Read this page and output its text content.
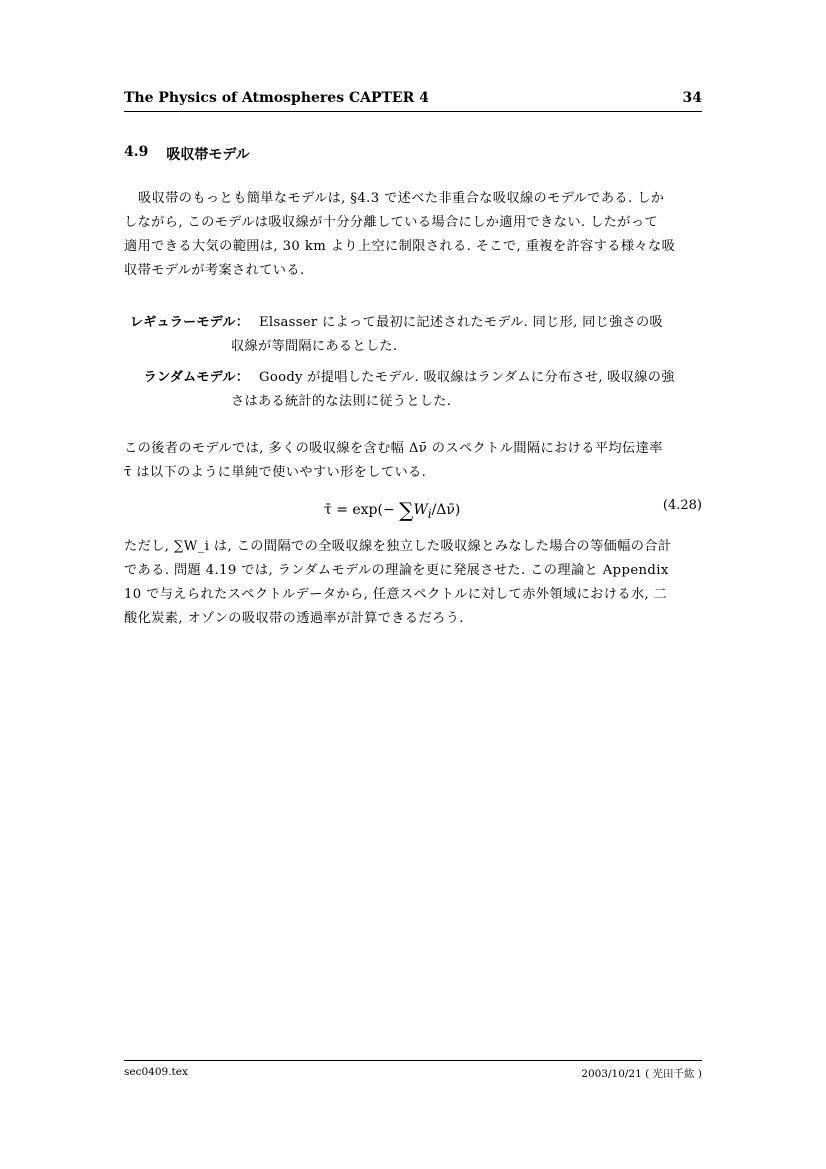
The Physics of Atmospheres CAPTER 4	34
4.9 吸収帯モデル
吸収帯のもっとも簡単なモデルは, §4.3 で述べた非重合な吸収線のモデルである. しか
しながら, このモデルは吸収線が十分分離している場合にしか適用できない. したがって
適用できる大気の範囲は, 30 km より上空に制限される. そこで, 重複を許容する様々な吸
収帯モデルが考案されている.
レギュラーモデル： Elsasser によって最初に記述されたモデル. 同じ形, 同じ強さの吸
収線が等間隔にあるとした.
ランダムモデル： Goody が提唱したモデル. 吸収線はランダムに分布させ, 吸収線の強
さはある統計的な法則に従うとした.
この後者のモデルでは, 多くの吸収線を含む幅 Δν̄ のスペクトル間隔における平均伝達率
τ̄ は以下のように単純で使いやすい形をしている.
τ̄ = $\exp(- \sum W_i/\Delta\nū)$	(4.28)
ただし, ∑W_i は, この間隔での全吸収線を独立した吸収線とみなした場合の等価幅の合計
である. 問題 4.19 では, ランダムモデルの理論を更に発展させた. この理論と Appendix
10 で与えられたスペクトルデータから, 任意スペクトルに対して赤外領域における水, 二
酸化炭素, オゾンの吸収帯の透過率が計算できるだろう.
sec0409.tex	2003/10/21 ( 光田千紘 )
